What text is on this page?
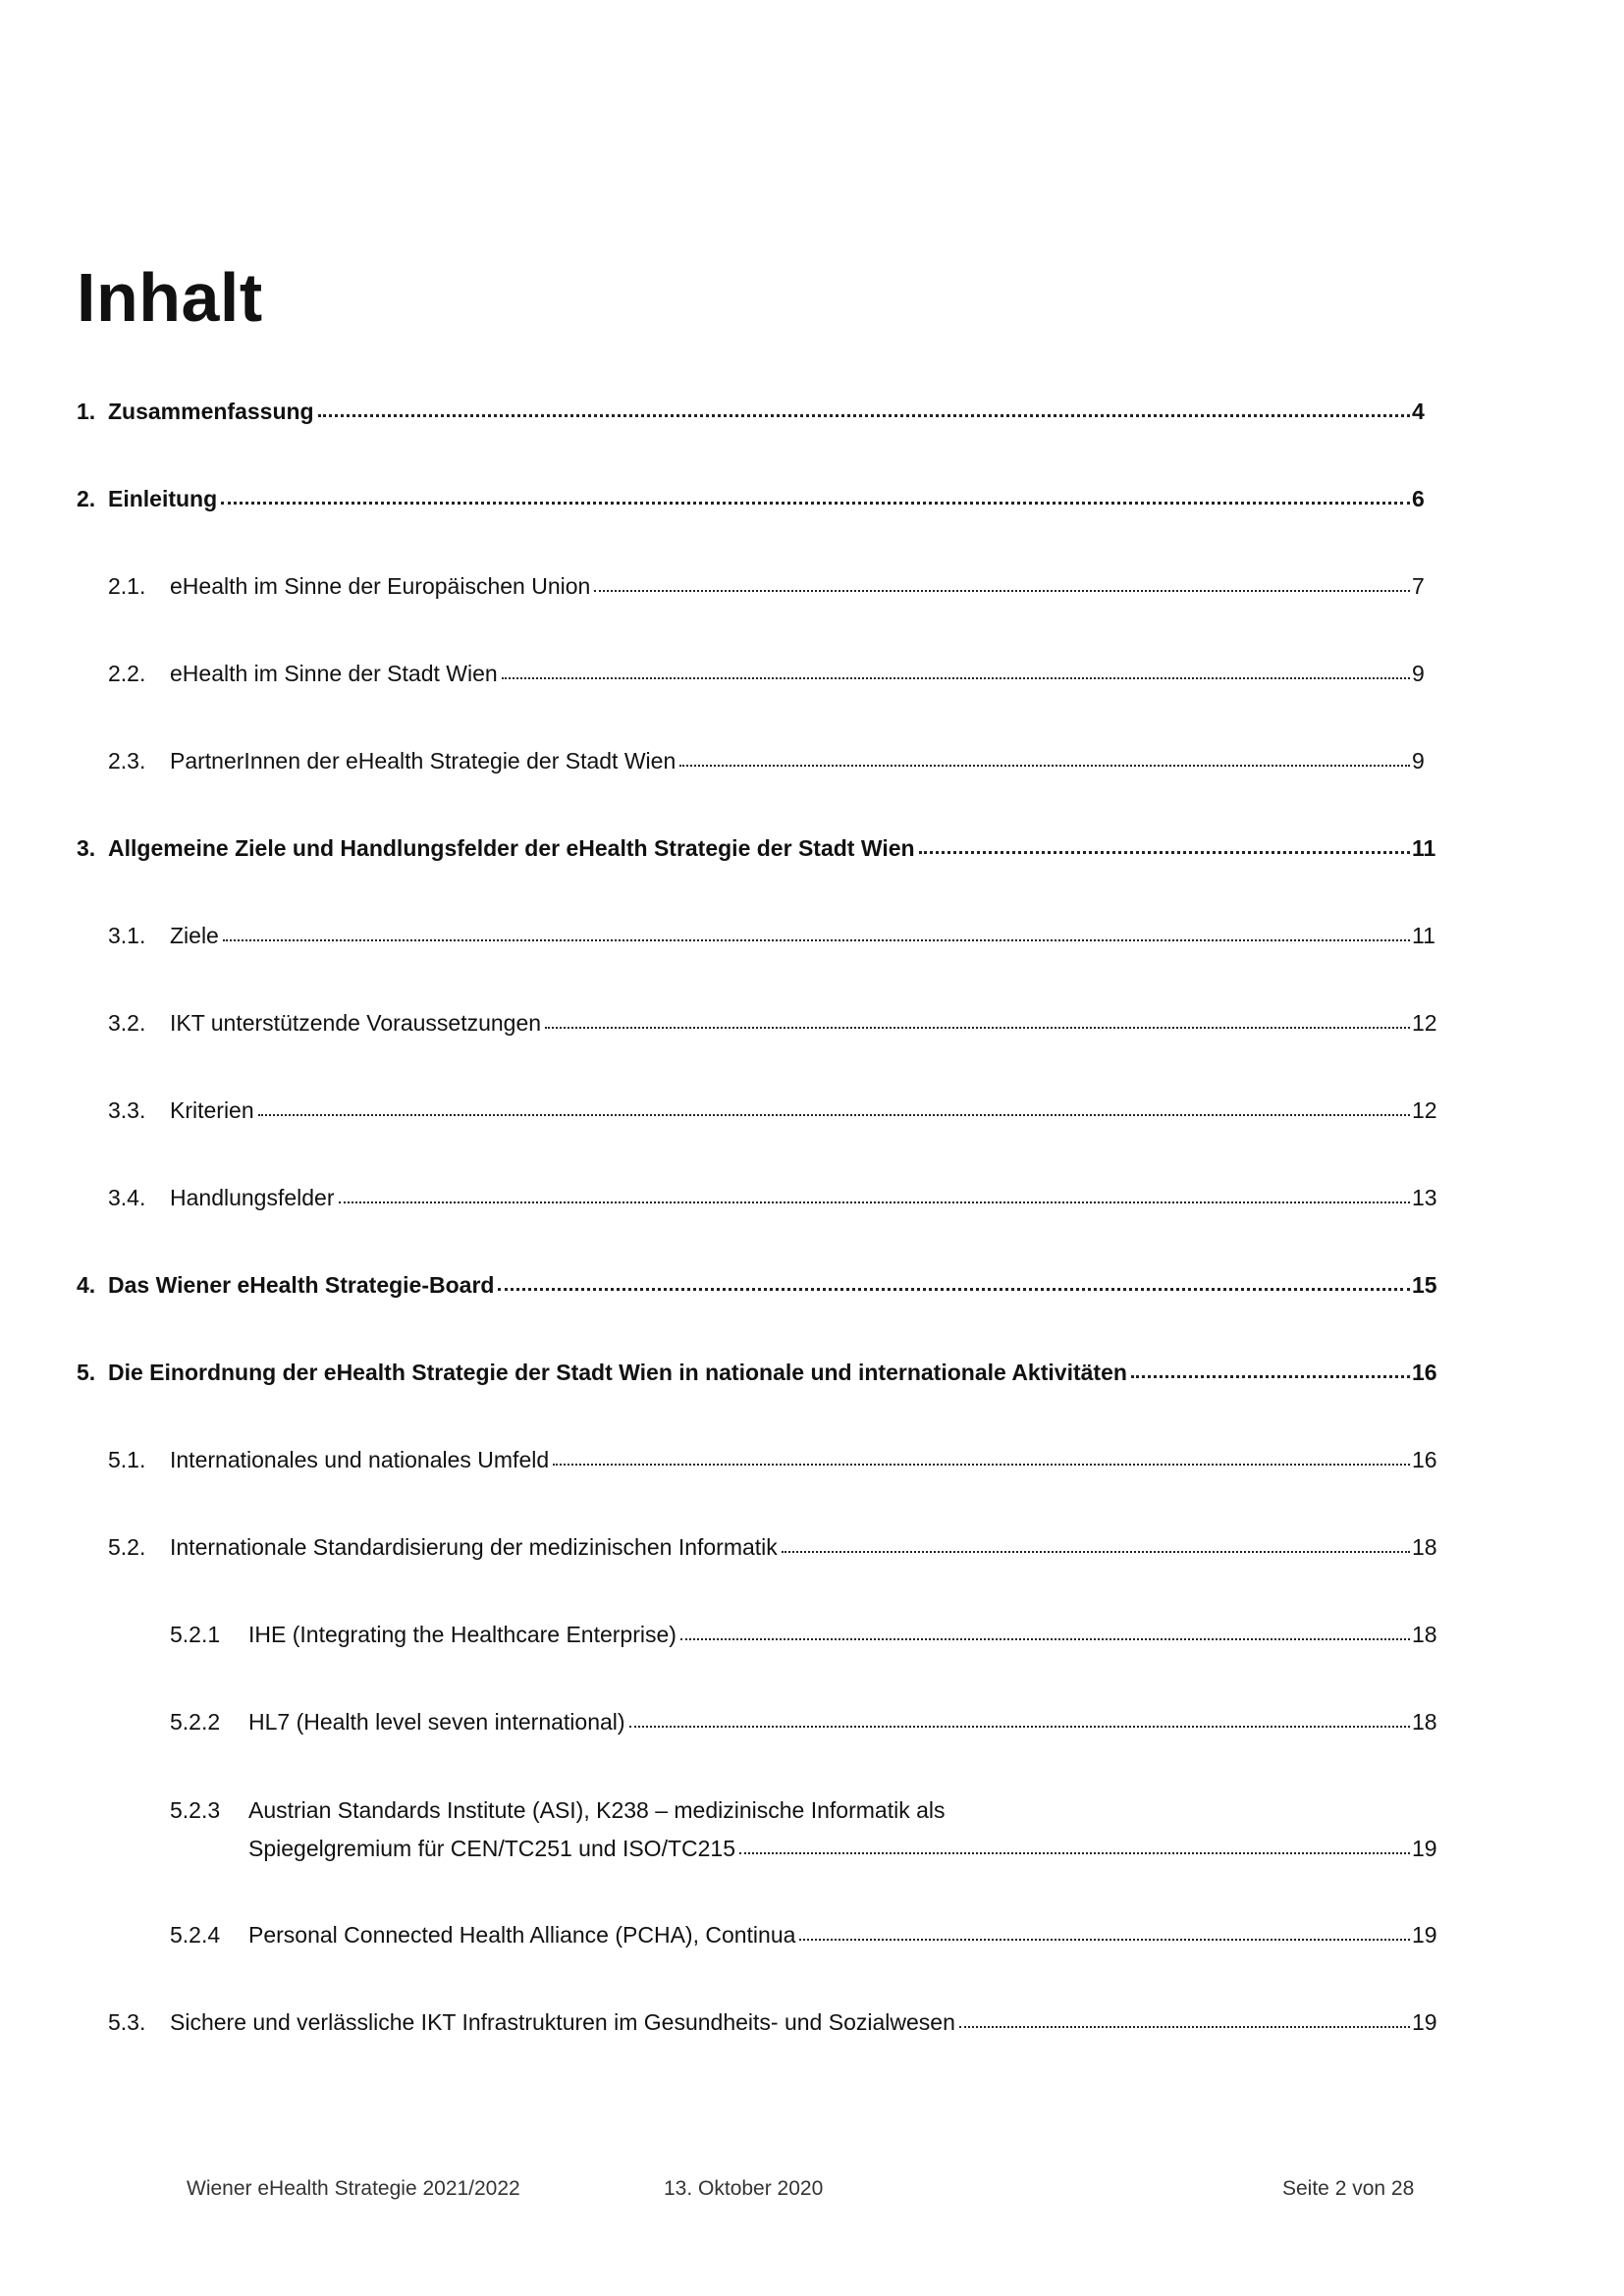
Inhalt
1. Zusammenfassung	4
2. Einleitung	6
2.1.	eHealth im Sinne der Europäischen Union	7
2.2.	eHealth im Sinne der Stadt Wien	9
2.3.	PartnerInnen der eHealth Strategie der Stadt Wien	9
3. Allgemeine Ziele und Handlungsfelder der eHealth Strategie der Stadt Wien	11
3.1.	Ziele	11
3.2.	IKT unterstützende Voraussetzungen	12
3.3.	Kriterien	12
3.4.	Handlungsfelder	13
4. Das Wiener eHealth Strategie-Board	15
5. Die Einordnung der eHealth Strategie der Stadt Wien in nationale und internationale Aktivitäten	16
5.1.	Internationales und nationales Umfeld	16
5.2.	Internationale Standardisierung der medizinischen Informatik	18
5.2.1	IHE (Integrating the Healthcare Enterprise)	18
5.2.2	HL7 (Health level seven international)	18
5.2.3	Austrian Standards Institute (ASI), K238 – medizinische Informatik als
Spiegelgremium für CEN/TC251 und ISO/TC215	19
5.2.4	Personal Connected Health Alliance (PCHA), Continua	19
5.3.	Sichere und verlässliche IKT Infrastrukturen im Gesundheits- und Sozialwesen	19
Wiener eHealth Strategie 2021/2022	13. Oktober 2020	Seite 2 von 28
